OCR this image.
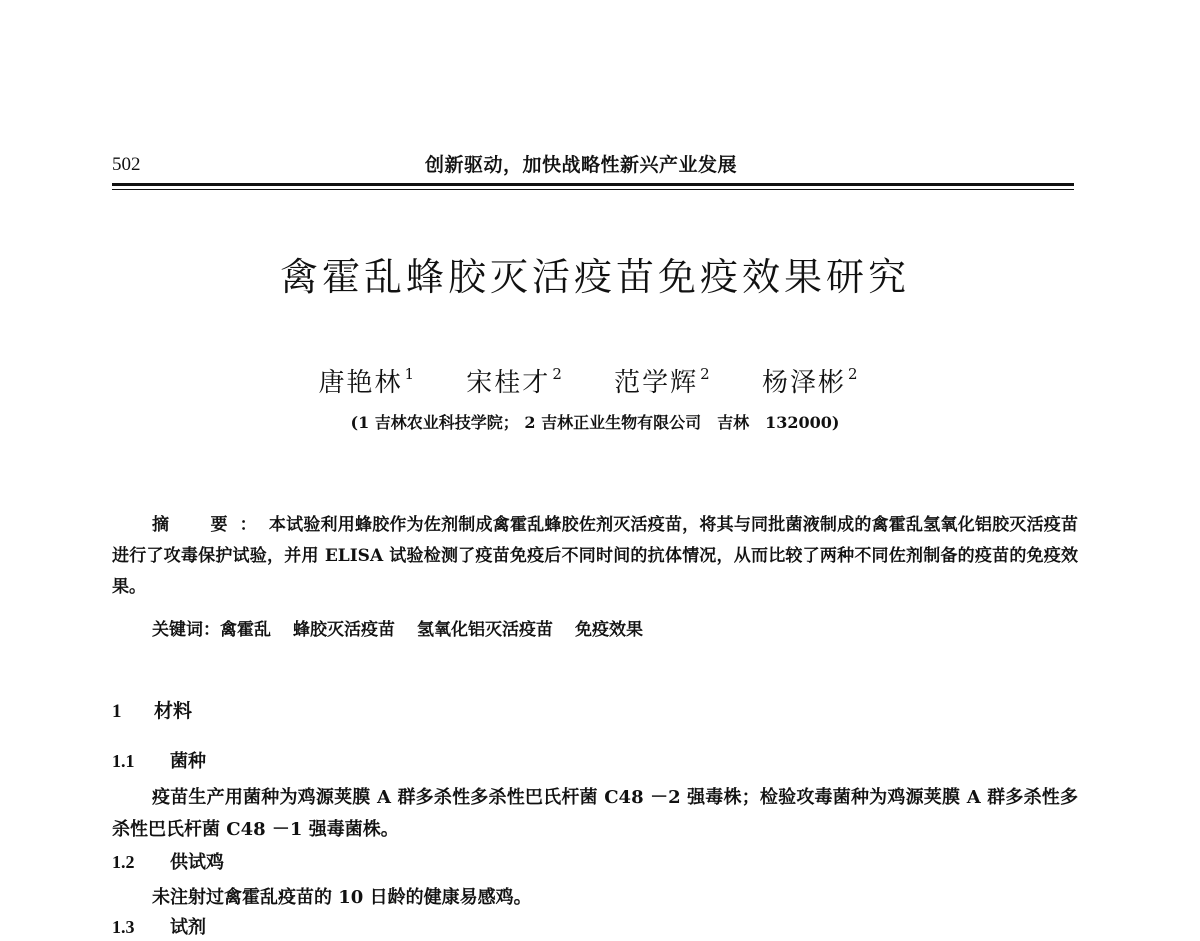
502	创新驱动，加快战略性新兴产业发展
禽霍乱蜂胶灭活疫苗免疫效果研究
唐艳林 $^1$ 宋桂才 $^2$ 范学辉 $^2$ 杨泽彬 $^2$
(1 吉林农业科技学院； 2 吉林正业生物有限公司　吉林　132000)

摘　要：本试验利用蜂胶作为佐剂制成禽霍乱蜂胶佐剂灭活疫苗，将其与同批菌液制成的禽霍乱氢氧化铝胶灭活疫苗进行了攻毒保护试验，并用 ELISA 试验检测了疫苗免疫后不同时间的抗体情况，从而比较了两种不同佐剂制备的疫苗的免疫效果。

关键词：禽霍乱 蜂胶灭活疫苗 氢氧化铝灭活疫苗 免疫效果
1 材料
1.1 菌种

疫苗生产用菌种为鸡源荚膜 A 群多杀性多杀性巴氏杆菌 C48 －2 强毒株；检验攻毒菌种为鸡源荚膜 A 群多杀性多杀性巴氏杆菌 C48 －1 强毒菌株。

1.2 供试鸡

未注射过禽霍乱疫苗的 10 日龄的健康易感鸡。

1.3 试剂
